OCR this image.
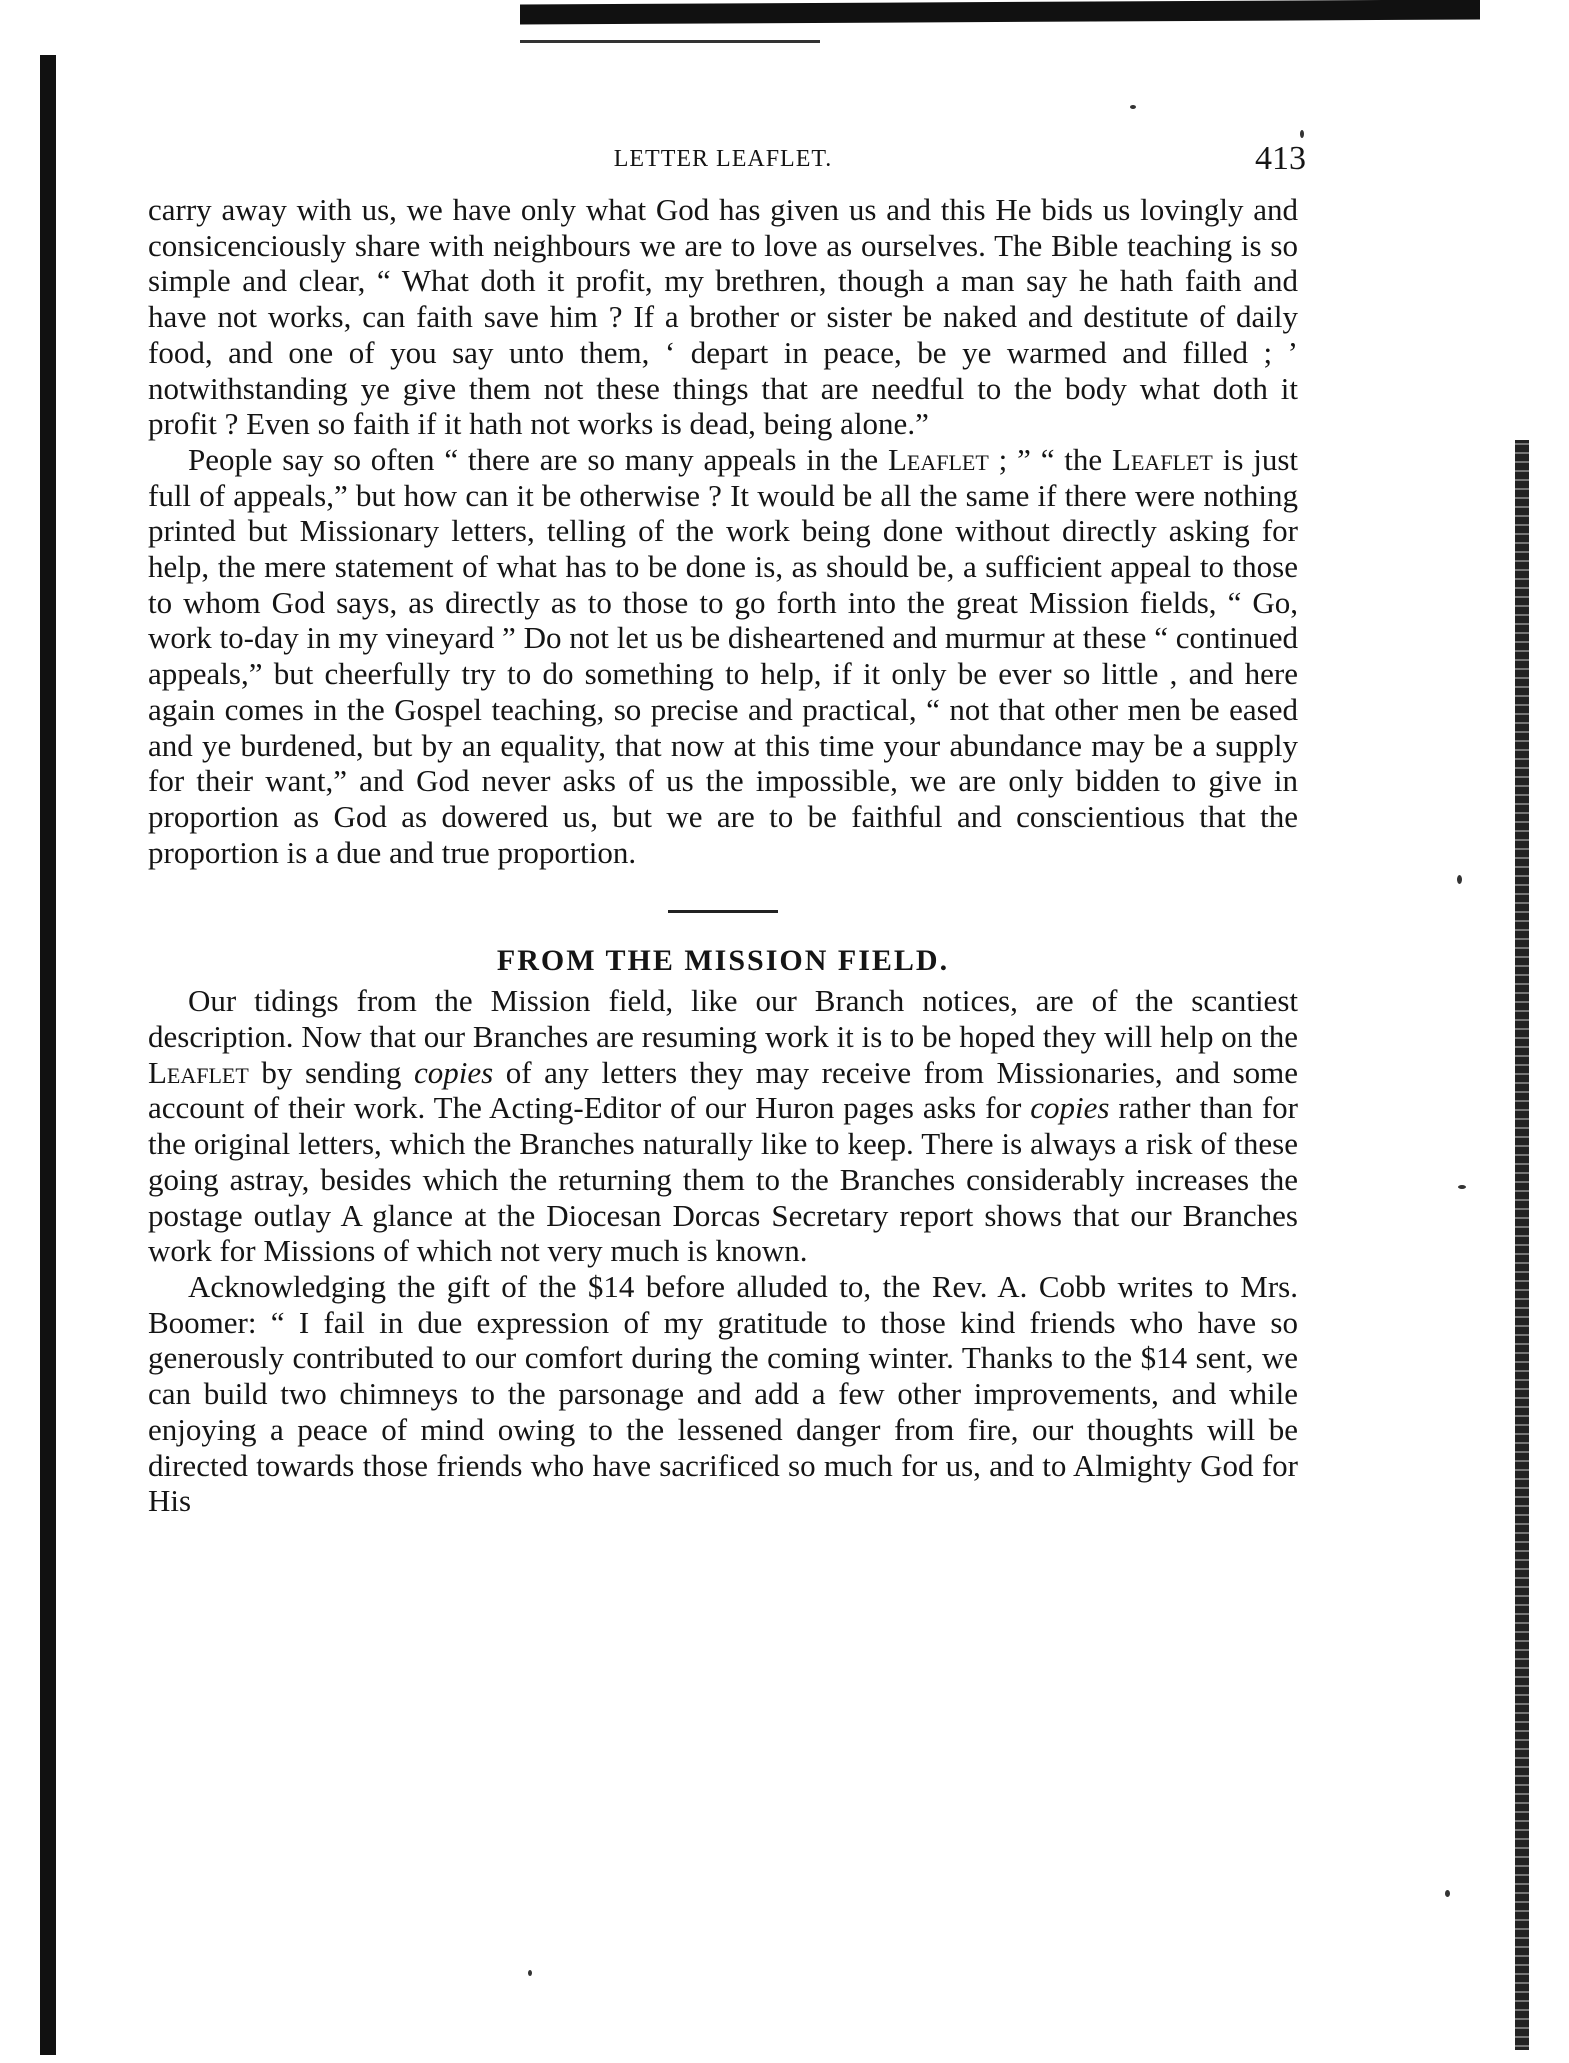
LETTER LEAFLET.	413

carry away with us, we have only what God has given us and this He bids us lovingly and consicenciously share with neighbours we are to love as ourselves. The Bible teaching is so simple and clear, “ What doth it profit, my brethren, though a man say he hath faith and have not works, can faith save him ? If a brother or sister be naked and destitute of daily food, and one of you say unto them, ‘ depart in peace, be ye warmed and filled ; ’ notwithstanding ye give them not these things that are needful to the body what doth it profit ? Even so faith if it hath not works is dead, being alone.”

People say so often “ there are so many appeals in the Leaflet ; ” “ the Leaflet is just full of appeals,” but how can it be otherwise ? It would be all the same if there were nothing printed but Missionary letters, telling of the work being done without directly asking for help, the mere statement of what has to be done is, as should be, a sufficient appeal to those to whom God says, as directly as to those to go forth into the great Mission fields, “ Go, work to-day in my vineyard ” Do not let us be disheartened and murmur at these “ continued appeals,” but cheerfully try to do something to help, if it only be ever so little , and here again comes in the Gospel teaching, so precise and practical, “ not that other men be eased and ye burdened, but by an equality, that now at this time your abundance may be a supply for their want,” and God never asks of us the impossible, we are only bidden to give in proportion as God as dowered us, but we are to be faithful and conscientious that the proportion is a due and true proportion.

FROM THE MISSION FIELD.

Our tidings from the Mission field, like our Branch notices, are of the scantiest description. Now that our Branches are resuming work it is to be hoped they will help on the Leaflet by sending copies of any letters they may receive from Missionaries, and some account of their work. The Acting-Editor of our Huron pages asks for copies rather than for the original letters, which the Branches naturally like to keep. There is always a risk of these going astray, besides which the returning them to the Branches considerably increases the postage outlay A glance at the Diocesan Dorcas Secretary report shows that our Branches work for Missions of which not very much is known.

Acknowledging the gift of the $14 before alluded to, the Rev. A. Cobb writes to Mrs. Boomer: “ I fail in due expression of my gratitude to those kind friends who have so generously contributed to our comfort during the coming winter. Thanks to the $14 sent, we can build two chimneys to the parsonage and add a few other improvements, and while enjoying a peace of mind owing to the lessened danger from fire, our thoughts will be directed towards those friends who have sacrificed so much for us, and to Almighty God for His
